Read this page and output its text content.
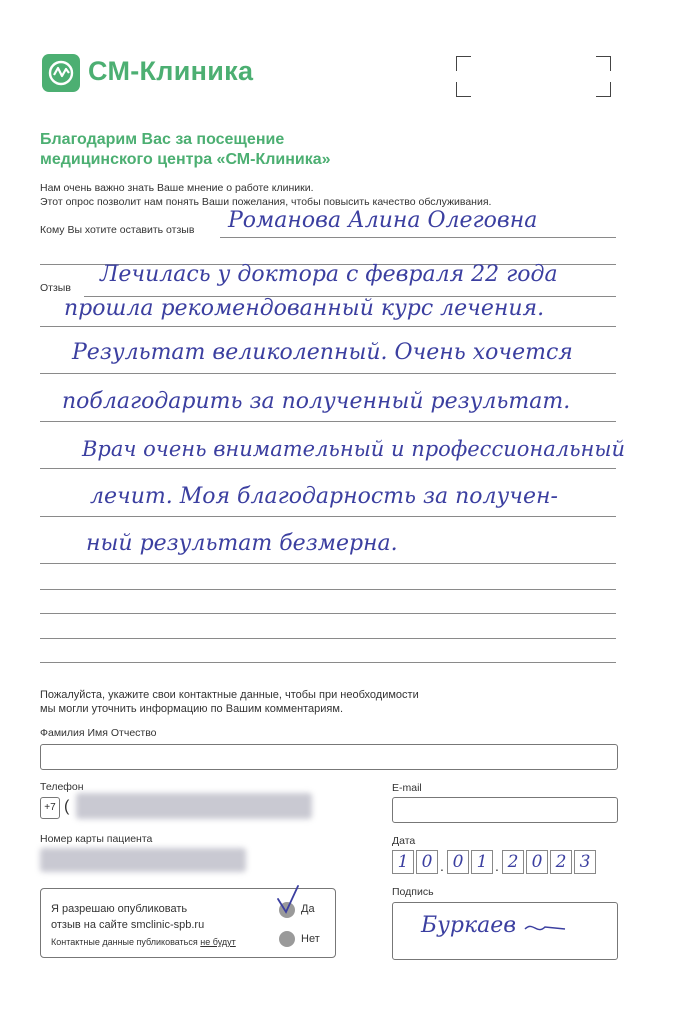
СМ-Клиника
Благодарим Вас за посещение
медицинского центра «СМ-Клиника»
Нам очень важно знать Ваше мнение о работе клиники.
Этот опрос позволит нам понять Ваши пожелания, чтобы повысить качество обслуживания.
Кому Вы хотите оставить отзыв Романова Алина Олеговна
Отзыв
Лечилась у доктора с февраля 22 года
прошла рекомендованный курс лечения.
Результат великолепный. Очень хочется
поблагодарить за полученный результат.
Врач очень внимательный и профессиональный
лечит. Моя благодарность за получен-
ный результат безмерна.
Пожалуйста, укажите свои контактные данные, чтобы при необходимости
мы могли уточнить информацию по Вашим комментариям.
Фамилия Имя Отчество
Телефон
+7 (
E-mail
Номер карты пациента	Дата
1 0 . 0 1 . 2 0 2 3
Я разрешаю опубликовать
отзыв на сайте smclinic-spb.ru
Контактные данные публиковаться не будут
Да
Нет
Подпись
Буркаев
